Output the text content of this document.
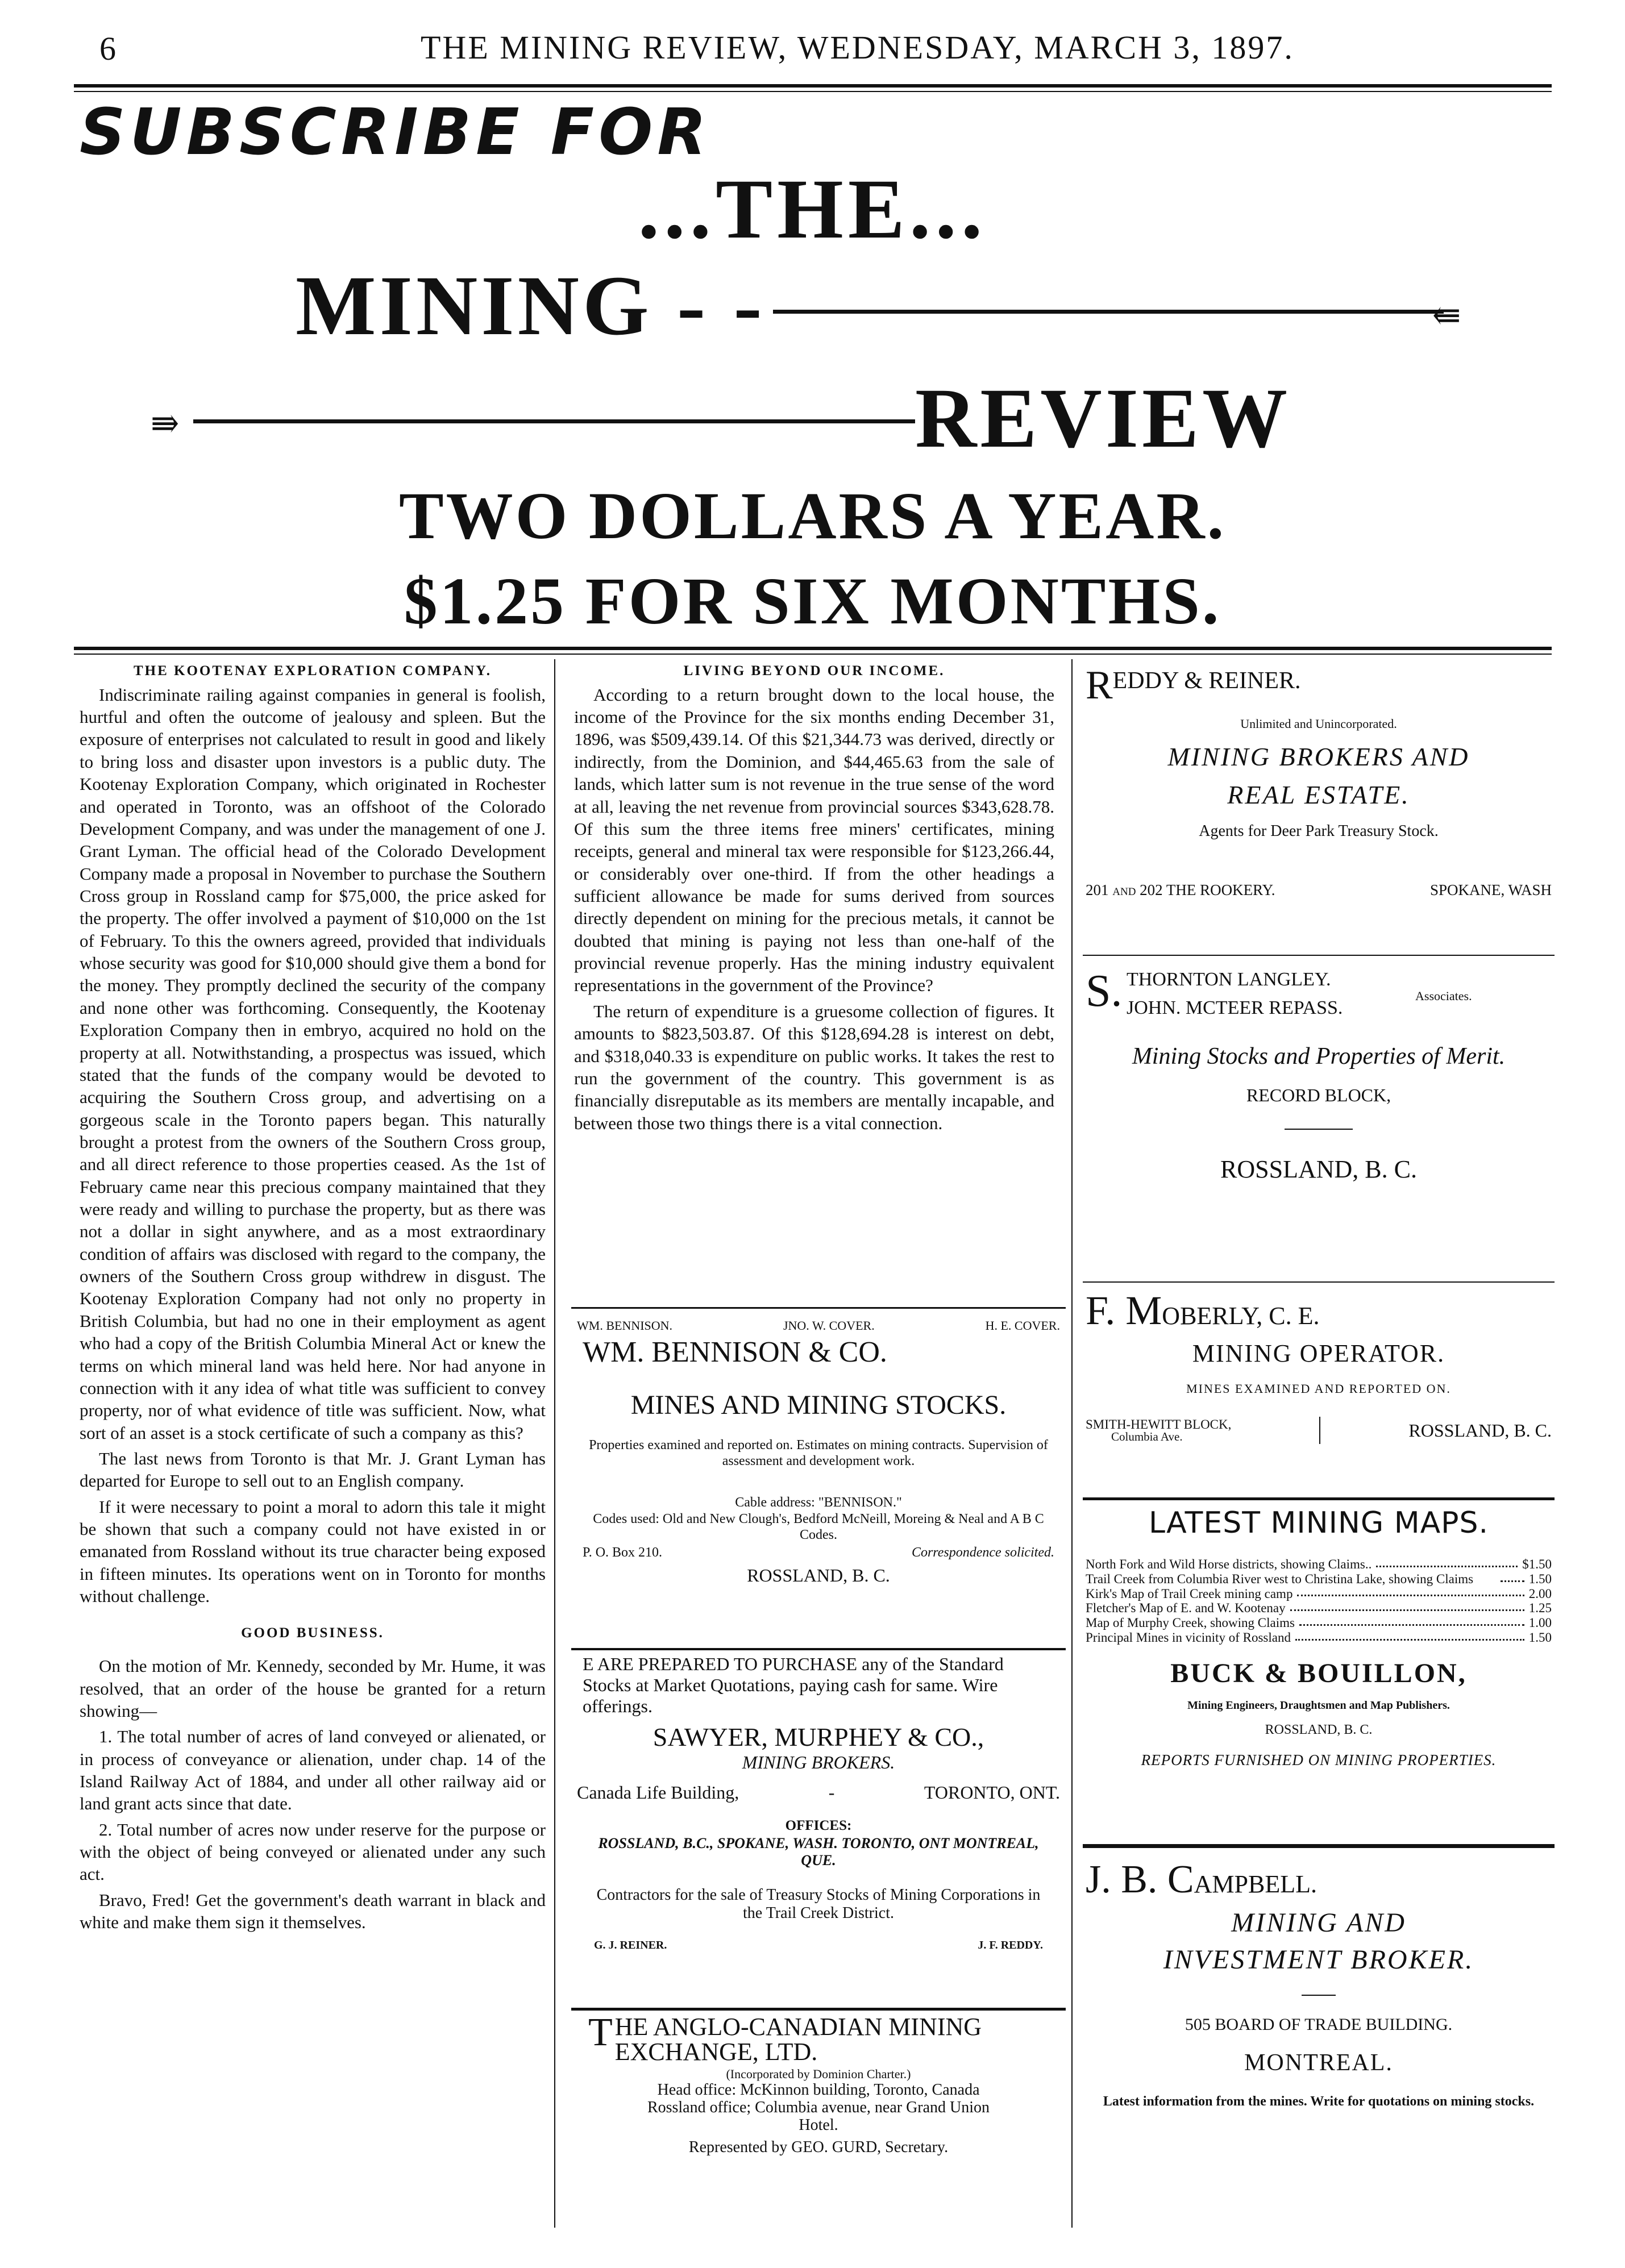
6	THE MINING REVIEW, WEDNESDAY, MARCH 3, 1897.
SUBSCRIBE FOR
...THE...
MINING - -	⇚
⇛	REVIEW
TWO DOLLARS A YEAR.
$1.25 FOR SIX MONTHS.

THE KOOTENAY EXPLORATION COMPANY.

Indiscriminate railing against companies in general is foolish, hurtful and often the outcome of jealousy and spleen. But the exposure of enterprises not calculated to result in good and likely to bring loss and disaster upon investors is a public duty. The Kootenay Exploration Company, which originated in Rochester and operated in Toronto, was an offshoot of the Colorado Development Company, and was under the management of one J. Grant Lyman. The official head of the Colorado Development Company made a proposal in November to purchase the Southern Cross group in Rossland camp for $75,000, the price asked for the property. The offer involved a payment of $10,000 on the 1st of February. To this the owners agreed, provided that individuals whose security was good for $10,000 should give them a bond for the money. They promptly declined the security of the company and none other was forthcoming. Consequently, the Kootenay Exploration Company then in embryo, acquired no hold on the property at all. Notwithstanding, a prospectus was issued, which stated that the funds of the company would be devoted to acquiring the Southern Cross group, and advertising on a gorgeous scale in the Toronto papers began. This naturally brought a protest from the owners of the Southern Cross group, and all direct reference to those properties ceased. As the 1st of February came near this precious company maintained that they were ready and willing to purchase the property, but as there was not a dollar in sight anywhere, and as a most extraordinary condition of affairs was disclosed with regard to the company, the owners of the Southern Cross group withdrew in disgust. The Kootenay Exploration Company had not only no property in British Columbia, but had no one in their employment as agent who had a copy of the British Columbia Mineral Act or knew the terms on which mineral land was held here. Nor had anyone in connection with it any idea of what title was sufficient to convey property, nor of what evidence of title was sufficient. Now, what sort of an asset is a stock certificate of such a company as this?

The last news from Toronto is that Mr. J. Grant Lyman has departed for Europe to sell out to an English company.

If it were necessary to point a moral to adorn this tale it might be shown that such a company could not have existed in or emanated from Rossland without its true character being exposed in fifteen minutes. Its operations went on in Toronto for months without challenge.

GOOD BUSINESS.

On the motion of Mr. Kennedy, seconded by Mr. Hume, it was resolved, that an order of the house be granted for a return showing—

1. The total number of acres of land conveyed or alienated, or in process of conveyance or alienation, under chap. 14 of the Island Railway Act of 1884, and under all other railway aid or land grant acts since that date.

2. Total number of acres now under reserve for the purpose or with the object of being conveyed or alienated under any such act.

Bravo, Fred! Get the government's death warrant in black and white and make them sign it themselves.

LIVING BEYOND OUR INCOME.

According to a return brought down to the local house, the income of the Province for the six months ending December 31, 1896, was $509,439.14. Of this $21,344.73 was derived, directly or indirectly, from the Dominion, and $44,465.63 from the sale of lands, which latter sum is not revenue in the true sense of the word at all, leaving the net revenue from provincial sources $343,628.78. Of this sum the three items free miners' certificates, mining receipts, general and mineral tax were responsible for $123,266.44, or considerably over one-third. If from the other headings a sufficient allowance be made for sums derived from sources directly dependent on mining for the precious metals, it cannot be doubted that mining is paying not less than one-half of the provincial revenue properly. Has the mining industry equivalent representations in the government of the Province?

The return of expenditure is a gruesome collection of figures. It amounts to $823,503.87. Of this $128,694.28 is interest on debt, and $318,040.33 is expenditure on public works. It takes the rest to run the government of the country. This government is as financially disreputable as its members are mentally incapable, and between those two things there is a vital connection.

WM. BENNISON.	JNO. W. COVER.	H. E. COVER.
WM. BENNISON & CO.
MINES AND MINING STOCKS.
Properties examined and reported on. Estimates on mining contracts. Supervision of assessment and development work.
Cable address: "BENNISON."
Codes used: Old and New Clough's, Bedford McNeill, Moreing & Neal and A B C Codes.
P. O. Box 210.	Correspondence solicited.
ROSSLAND, B. C.
E ARE PREPARED TO PURCHASE any of the Standard Stocks at Market Quotations, paying cash for same. Wire offerings.
SAWYER, MURPHEY & CO.,
MINING BROKERS.
Canada Life Building,	-	TORONTO, ONT.
OFFICES:
ROSSLAND, B.C., SPOKANE, WASH. TORONTO, ONT MONTREAL, QUE.
Contractors for the sale of Treasury Stocks of Mining Corporations in the Trail Creek District.
G. J. REINER.	J. F. REDDY.
T HE ANGLO-CANADIAN MINING EXCHANGE, LTD.
(Incorporated by Dominion Charter.)
Head office: McKinnon building, Toronto, Canada
Rossland office; Columbia avenue, near Grand Union Hotel.
Represented by GEO. GURD, Secretary.
REDDY & REINER.
Unlimited and Unincorporated.
MINING BROKERS AND
REAL ESTATE.
Agents for Deer Park Treasury Stock.
201 and 202 THE ROOKERY.	SPOKANE, WASH
S. THORNTON LANGLEY.
JOHN. MCTEER REPASS.
Associates.
Mining Stocks and Properties of Merit.
RECORD BLOCK,
ROSSLAND, B. C.
F. MOBERLY, C. E.
MINING OPERATOR.
MINES EXAMINED AND REPORTED ON.
SMITH-HEWITT BLOCK,
Columbia Ave.	ROSSLAND, B. C.
LATEST MINING MAPS.
North Fork and Wild Horse districts, showing Claims..	$1.50
Trail Creek from Columbia River west to Christina Lake, showing Claims	1.50
Kirk's Map of Trail Creek mining camp	2.00
Fletcher's Map of E. and W. Kootenay	1.25
Map of Murphy Creek, showing Claims	1.00
Principal Mines in vicinity of Rossland	1.50
BUCK & BOUILLON,
Mining Engineers, Draughtsmen and Map Publishers.
ROSSLAND, B. C.
REPORTS FURNISHED ON MINING PROPERTIES.
J. B. CAMPBELL.
MINING AND
INVESTMENT BROKER.
505 BOARD OF TRADE BUILDING.
MONTREAL.
Latest information from the mines. Write for quotations on mining stocks.
